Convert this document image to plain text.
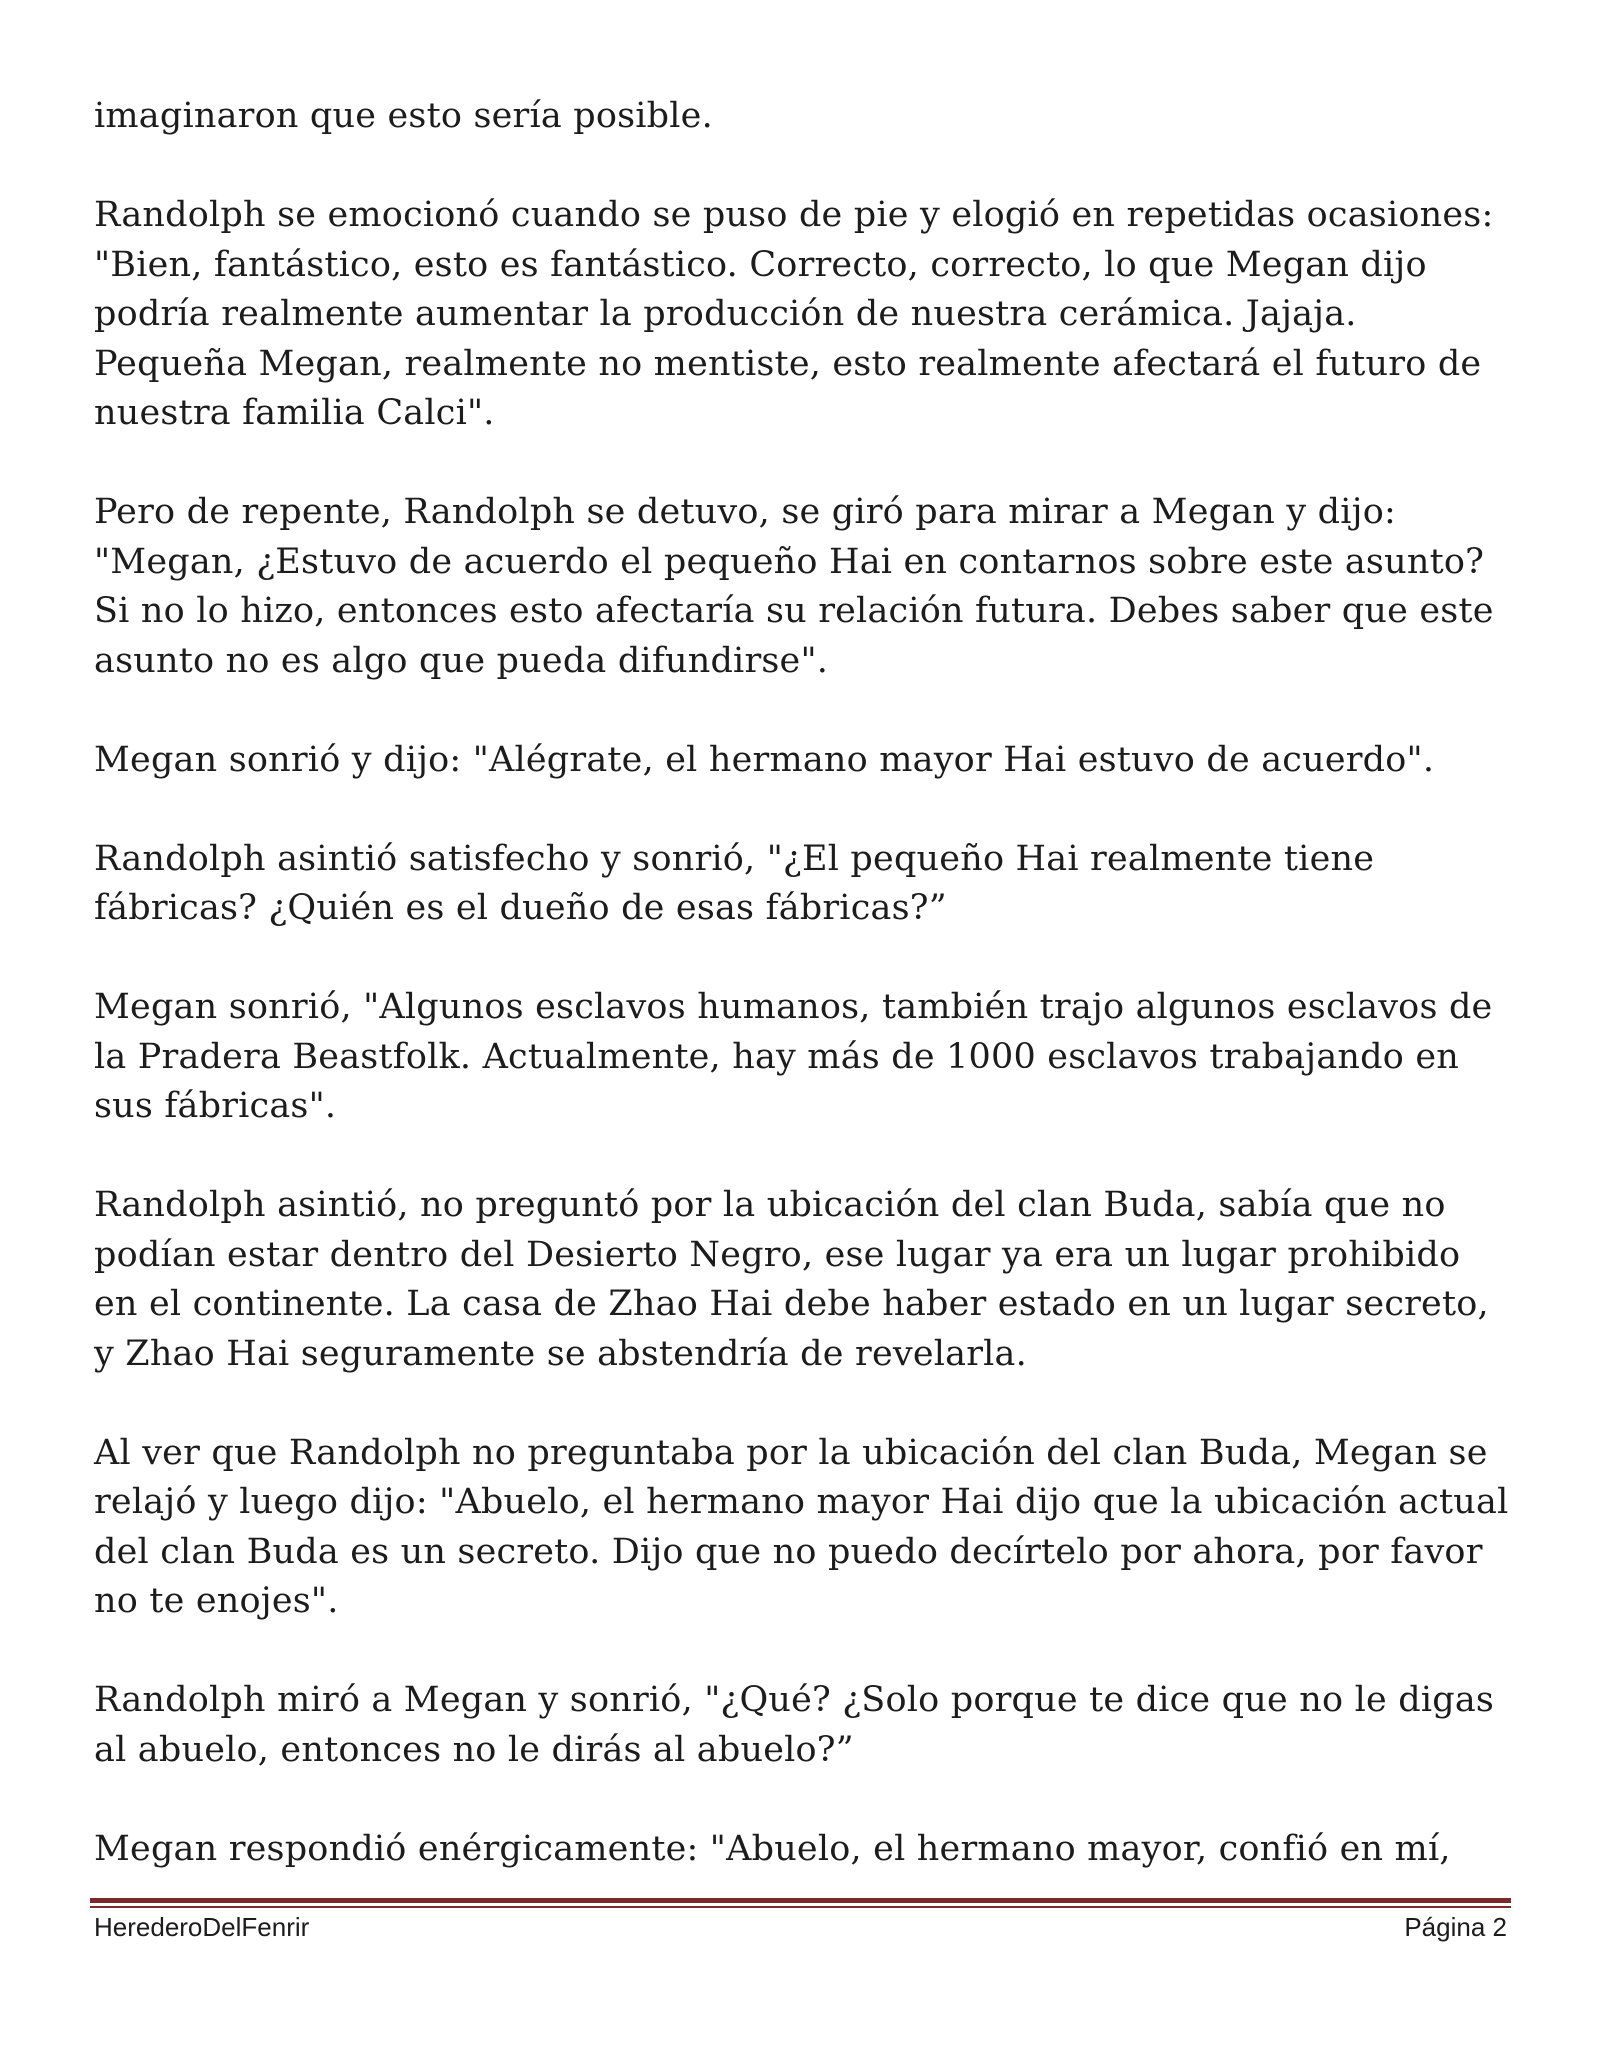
imaginaron que esto sería posible.

Randolph se emocionó cuando se puso de pie y elogió en repetidas ocasiones: "Bien, fantástico, esto es fantástico. Correcto, correcto, lo que Megan dijo podría realmente aumentar la producción de nuestra cerámica. Jajaja. Pequeña Megan, realmente no mentiste, esto realmente afectará el futuro de nuestra familia Calci".

Pero de repente, Randolph se detuvo, se giró para mirar a Megan y dijo: "Megan, ¿Estuvo de acuerdo el pequeño Hai en contarnos sobre este asunto? Si no lo hizo, entonces esto afectaría su relación futura. Debes saber que este asunto no es algo que pueda difundirse".

Megan sonrió y dijo: "Alégrate, el hermano mayor Hai estuvo de acuerdo".

Randolph asintió satisfecho y sonrió, "¿El pequeño Hai realmente tiene fábricas? ¿Quién es el dueño de esas fábricas?”

Megan sonrió, "Algunos esclavos humanos, también trajo algunos esclavos de la Pradera Beastfolk. Actualmente, hay más de 1000 esclavos trabajando en sus fábricas".

Randolph asintió, no preguntó por la ubicación del clan Buda, sabía que no podían estar dentro del Desierto Negro, ese lugar ya era un lugar prohibido en el continente. La casa de Zhao Hai debe haber estado en un lugar secreto, y Zhao Hai seguramente se abstendría de revelarla.

Al ver que Randolph no preguntaba por la ubicación del clan Buda, Megan se relajó y luego dijo: "Abuelo, el hermano mayor Hai dijo que la ubicación actual del clan Buda es un secreto. Dijo que no puedo decírtelo por ahora, por favor no te enojes".

Randolph miró a Megan y sonrió, "¿Qué? ¿Solo porque te dice que no le digas al abuelo, entonces no le dirás al abuelo?”

Megan respondió enérgicamente: "Abuelo, el hermano mayor, confió en mí,

HerederoDelFenrir	Página 2
